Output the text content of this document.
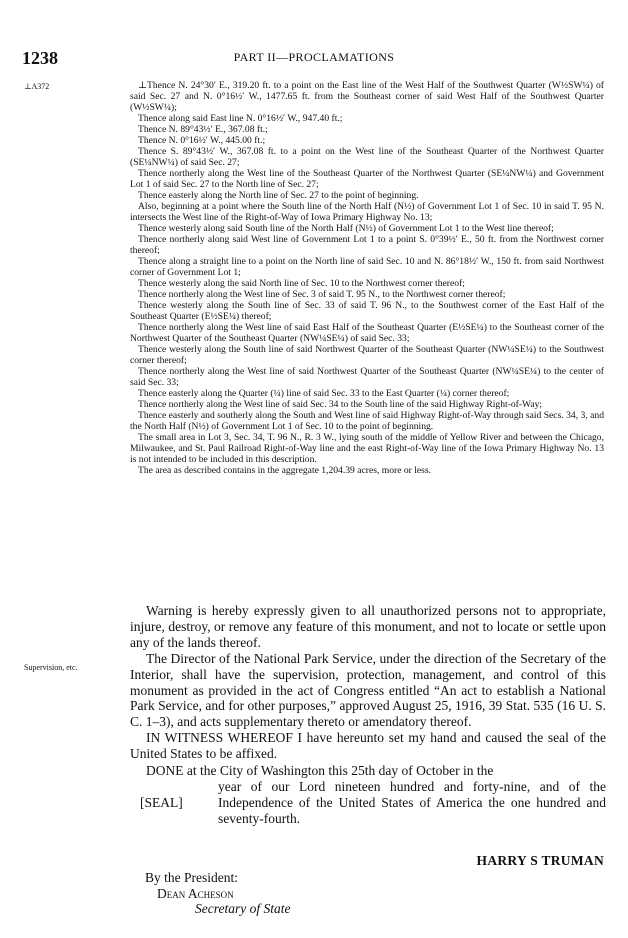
1238	PART II—PROCLAMATIONS
⊥A372
Supervision, etc.

⊥Thence N. 24°30′ E., 319.20 ft. to a point on the East line of the West Half of the Southwest Quarter (W½SW¼) of said Sec. 27 and N. 0°16½′ W., 1477.65 ft. from the Southeast corner of said West Half of the Southwest Quarter (W½SW¼);

Thence along said East line N. 0°16½′ W., 947.40 ft.;

Thence N. 89°43½′ E., 367.08 ft.;

Thence N. 0°16½′ W., 445.00 ft.;

Thence S. 89°43½′ W., 367.08 ft. to a point on the West line of the Southeast Quarter of the Northwest Quarter (SE¼NW¼) of said Sec. 27;

Thence northerly along the West line of the Southeast Quarter of the Northwest Quarter (SE¼NW¼) and Government Lot 1 of said Sec. 27 to the North line of Sec. 27;

Thence easterly along the North line of Sec. 27 to the point of beginning.

Also, beginning at a point where the South line of the North Half (N½) of Government Lot 1 of Sec. 10 in said T. 95 N. intersects the West line of the Right-of-Way of Iowa Primary Highway No. 13;

Thence westerly along said South line of the North Half (N½) of Government Lot 1 to the West line thereof;

Thence northerly along said West line of Government Lot 1 to a point S. 0°39½′ E., 50 ft. from the Northwest corner thereof;

Thence along a straight line to a point on the North line of said Sec. 10 and N. 86°18½′ W., 150 ft. from said Northwest corner of Government Lot 1;

Thence westerly along the said North line of Sec. 10 to the Northwest corner thereof;

Thence northerly along the West line of Sec. 3 of said T. 95 N., to the Northwest corner thereof;

Thence westerly along the South line of Sec. 33 of said T. 96 N., to the Southwest corner of the East Half of the Southeast Quarter (E½SE¼) thereof;

Thence northerly along the West line of said East Half of the Southeast Quarter (E½SE¼) to the Southeast corner of the Northwest Quarter of the Southeast Quarter (NW¼SE¼) of said Sec. 33;

Thence westerly along the South line of said Northwest Quarter of the Southeast Quarter (NW¼SE¼) to the Southwest corner thereof;

Thence northerly along the West line of said Northwest Quarter of the Southeast Quarter (NW¼SE¼) to the center of said Sec. 33;

Thence easterly along the Quarter (¼) line of said Sec. 33 to the East Quarter (¼) corner thereof;

Thence northerly along the West line of said Sec. 34 to the South line of the said Highway Right-of-Way;

Thence easterly and southerly along the South and West line of said Highway Right-of-Way through said Secs. 34, 3, and the North Half (N½) of Government Lot 1 of Sec. 10 to the point of beginning.

The small area in Lot 3, Sec. 34, T. 96 N., R. 3 W., lying south of the middle of Yellow River and between the Chicago, Milwaukee, and St. Paul Railroad Right-of-Way line and the east Right-of-Way line of the Iowa Primary Highway No. 13 is not intended to be included in this description.

The area as described contains in the aggregate 1,204.39 acres, more or less.

Warning is hereby expressly given to all unauthorized persons not to appropriate, injure, destroy, or remove any feature of this monument, and not to locate or settle upon any of the lands thereof.

The Director of the National Park Service, under the direction of the Secretary of the Interior, shall have the supervision, protection, management, and control of this monument as provided in the act of Congress entitled “An act to establish a National Park Service, and for other purposes,” approved August 25, 1916, 39 Stat. 535 (16 U. S. C. 1–3), and acts supplementary thereto or amendatory thereof.

IN WITNESS WHEREOF I have hereunto set my hand and caused the seal of the United States to be affixed.

DONE at the City of Washington this 25th day of October in the
[SEAL]
year of our Lord nineteen hundred and forty-nine, and of the Independence of the United States of America the one hundred and seventy-fourth.
HARRY S TRUMAN
By the President:
Dean Acheson
Secretary of State
